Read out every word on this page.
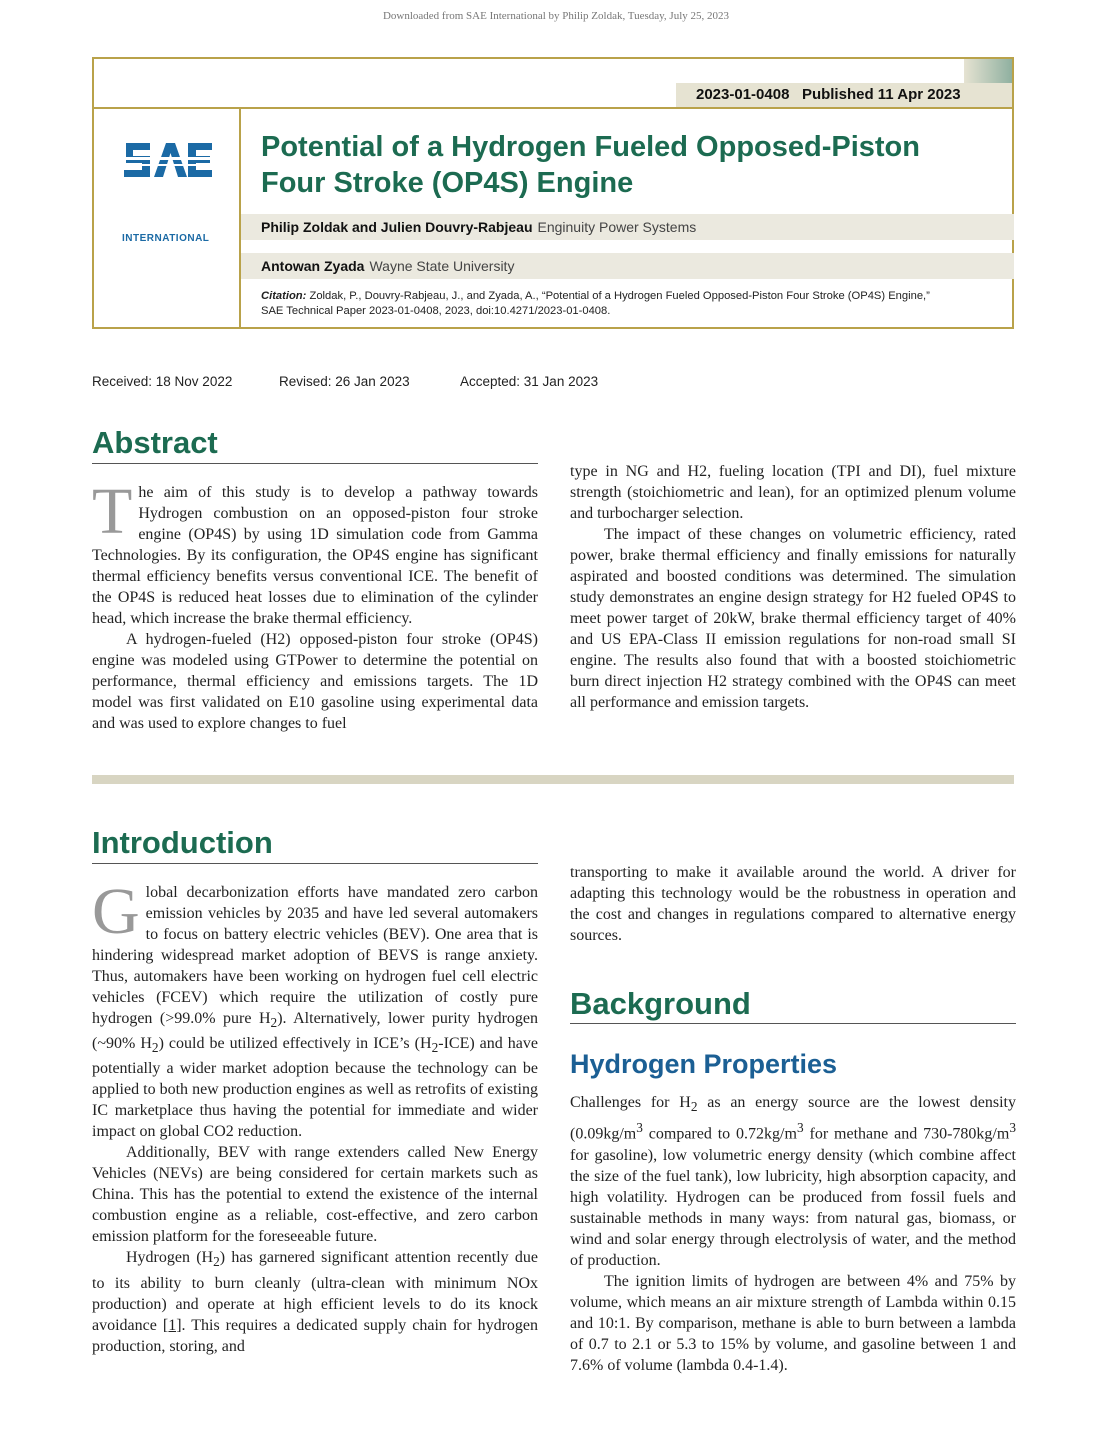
Downloaded from SAE International by Philip Zoldak, Tuesday, July 25, 2023
2023-01-0408 Published 11 Apr 2023
INTERNATIONAL
Potential of a Hydrogen Fueled Opposed-Piston Four Stroke (OP4S) Engine
Philip Zoldak and Julien Douvry-Rabjeau Enginuity Power Systems
Antowan Zyada Wayne State University
Citation: Zoldak, P., Douvry-Rabjeau, J., and Zyada, A., “Potential of a Hydrogen Fueled Opposed-Piston Four Stroke (OP4S) Engine,”
SAE Technical Paper 2023-01-0408, 2023, doi:10.4271/2023-01-0408.
Received: 18 Nov 2022	Revised: 26 Jan 2023	Accepted: 31 Jan 2023
Abstract

The aim of this study is to develop a pathway towards Hydrogen combustion on an opposed-piston four stroke engine (OP4S) by using 1D simulation code from Gamma Technologies. By its configuration, the OP4S engine has significant thermal efficiency benefits versus conventional ICE. The benefit of the OP4S is reduced heat losses due to elimination of the cylinder head, which increase the brake thermal efficiency.

A hydrogen-fueled (H2) opposed-piston four stroke (OP4S) engine was modeled using GTPower to determine the potential on performance, thermal efficiency and emissions targets. The 1D model was first validated on E10 gasoline using experimental data and was used to explore changes to fuel

type in NG and H2, fueling location (TPI and DI), fuel mixture strength (stoichiometric and lean), for an optimized plenum volume and turbocharger selection.

The impact of these changes on volumetric efficiency, rated power, brake thermal efficiency and finally emissions for naturally aspirated and boosted conditions was determined. The simulation study demonstrates an engine design strategy for H2 fueled OP4S to meet power target of 20kW, brake thermal efficiency target of 40% and US EPA-Class II emission regulations for non-road small SI engine. The results also found that with a boosted stoichiometric burn direct injection H2 strategy combined with the OP4S can meet all performance and emission targets.

Introduction

Global decarbonization efforts have mandated zero carbon emission vehicles by 2035 and have led several automakers to focus on battery electric vehicles (BEV). One area that is hindering widespread market adoption of BEVS is range anxiety. Thus, automakers have been working on hydrogen fuel cell electric vehicles (FCEV) which require the utilization of costly pure hydrogen (>99.0% pure $H_2$). Alternatively, lower purity hydrogen (~90% $H_2$) could be utilized effectively in ICE’s $(H_2-ICE)$ and have potentially a wider market adoption because the technology can be applied to both new production engines as well as retrofits of existing IC marketplace thus having the potential for immediate and wider impact on global CO2 reduction.

Additionally, BEV with range extenders called New Energy Vehicles (NEVs) are being considered for certain markets such as China. This has the potential to extend the existence of the internal combustion engine as a reliable, cost-effective, and zero carbon emission platform for the foreseeable future.

Hydrogen $(H_2)$ has garnered significant attention recently due to its ability to burn cleanly (ultra-clean with minimum NOx production) and operate at high efficient levels to do its knock avoidance [1]. This requires a dedicated supply chain for hydrogen production, storing, and

transporting to make it available around the world. A driver for adapting this technology would be the robustness in operation and the cost and changes in regulations compared to alternative energy sources.

Background
Hydrogen Properties

Challenges for $H_2$ as an energy source are the lowest density ($0.09kg/m^3$ compared to $0.72kg/m^3$ for methane and $730-780kg/m^3$ for gasoline), low volumetric energy density (which combine affect the size of the fuel tank), low lubricity, high absorption capacity, and high volatility. Hydrogen can be produced from fossil fuels and sustainable methods in many ways: from natural gas, biomass, or wind and solar energy through electrolysis of water, and the method of production.

The ignition limits of hydrogen are between 4% and 75% by volume, which means an air mixture strength of Lambda within 0.15 and 10:1. By comparison, methane is able to burn between a lambda of 0.7 to 2.1 or 5.3 to 15% by volume, and gasoline between 1 and 7.6% of volume (lambda 0.4-1.4).
